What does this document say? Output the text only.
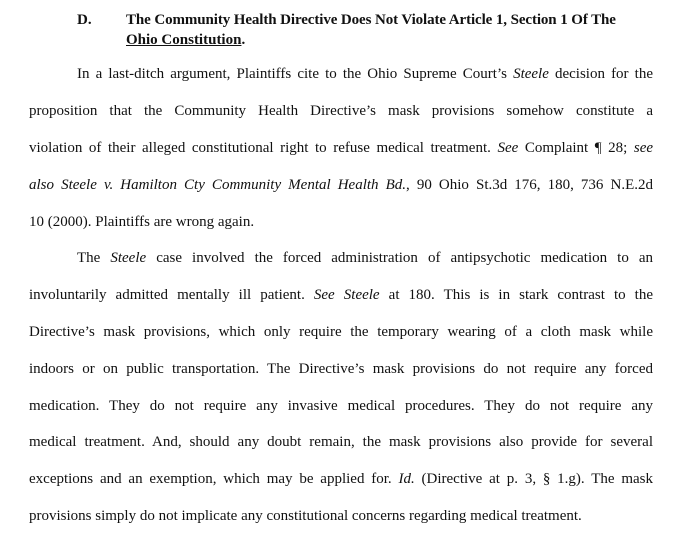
D. The Community Health Directive Does Not Violate Article 1, Section 1 Of The
Ohio Constitution.
In a last-ditch argument, Plaintiffs cite to the Ohio Supreme Court’s Steele decision for the
proposition that the Community Health Directive’s mask provisions somehow constitute a
violation of their alleged constitutional right to refuse medical treatment. See Complaint ¶ 28; see
also Steele v. Hamilton Cty Community Mental Health Bd., 90 Ohio St.3d 176, 180, 736 N.E.2d
10 (2000). Plaintiffs are wrong again.
The Steele case involved the forced administration of antipsychotic medication to an
involuntarily admitted mentally ill patient. See Steele at 180. This is in stark contrast to the
Directive’s mask provisions, which only require the temporary wearing of a cloth mask while
indoors or on public transportation. The Directive’s mask provisions do not require any forced
medication. They do not require any invasive medical procedures. They do not require any
medical treatment. And, should any doubt remain, the mask provisions also provide for several
exceptions and an exemption, which may be applied for. Id. (Directive at p. 3, § 1.g). The mask
provisions simply do not implicate any constitutional concerns regarding medical treatment.
